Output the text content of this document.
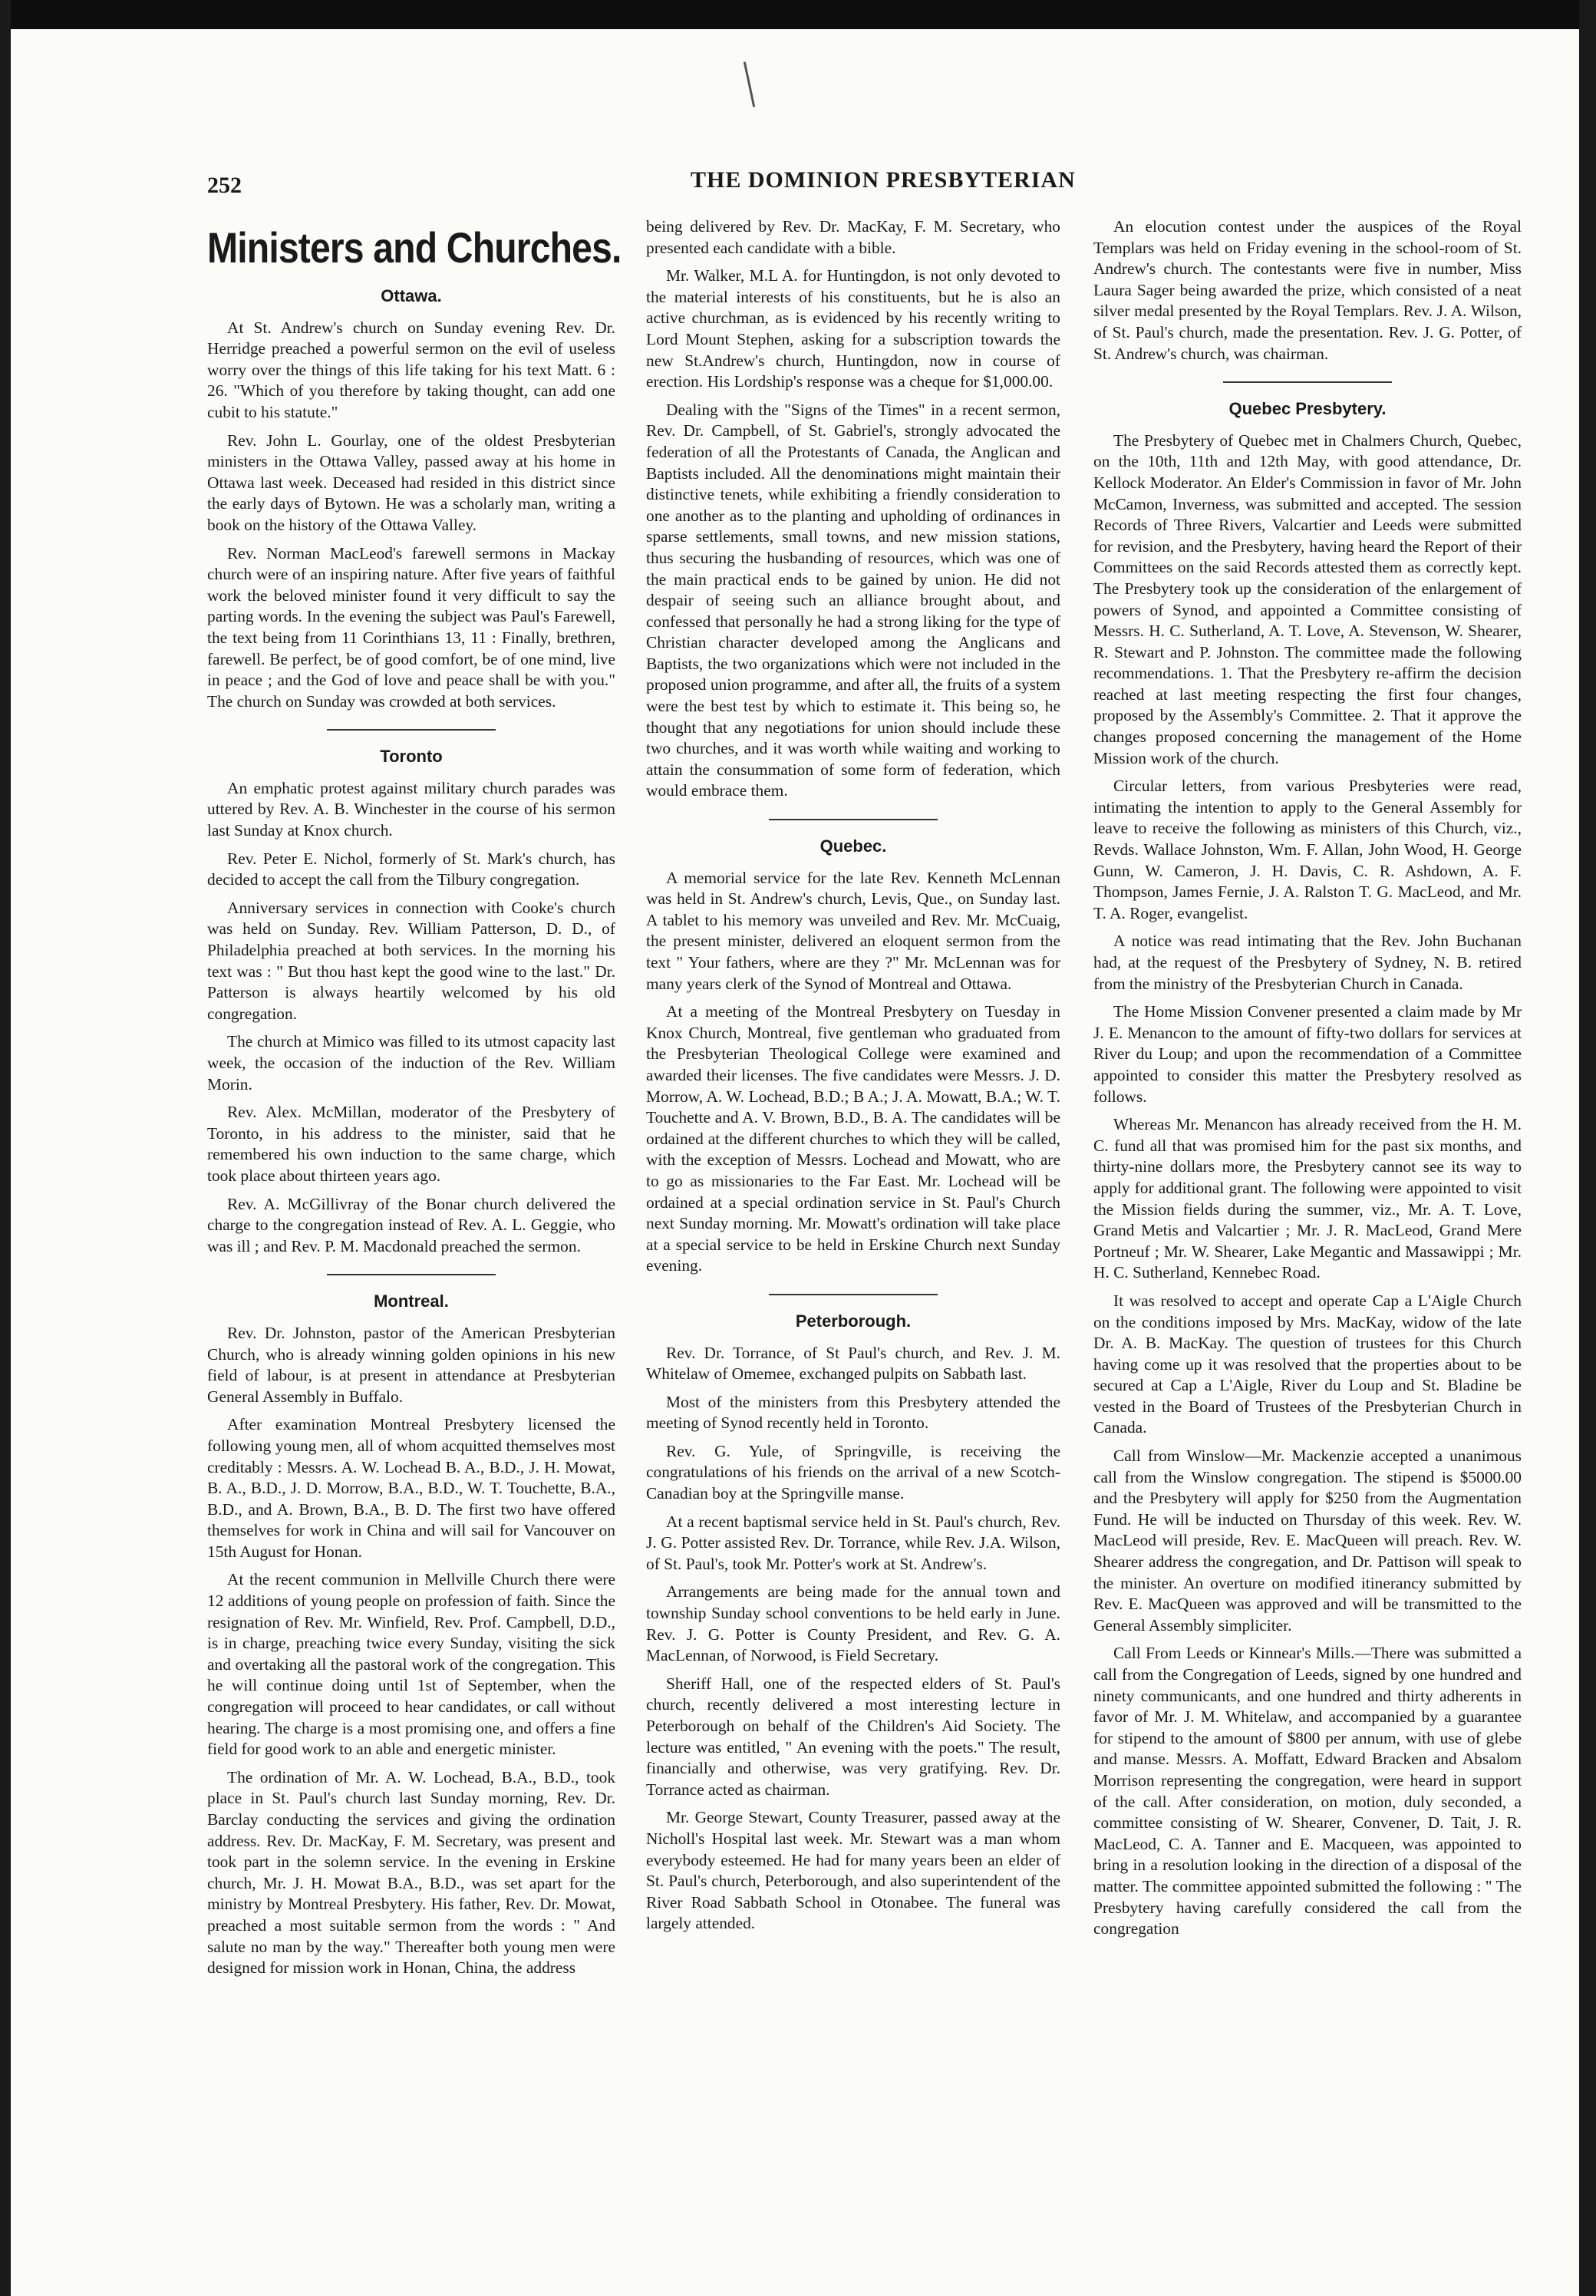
252	THE DOMINION PRESBYTERIAN
Ministers and Churches.
Ottawa.

At St. Andrew's church on Sunday evening Rev. Dr. Herridge preached a powerful sermon on the evil of useless worry over the things of this life taking for his text Matt. 6 : 26. "Which of you therefore by taking thought, can add one cubit to his statute."

Rev. John L. Gourlay, one of the oldest Presbyterian ministers in the Ottawa Valley, passed away at his home in Ottawa last week. Deceased had resided in this district since the early days of Bytown. He was a scholarly man, writing a book on the history of the Ottawa Valley.

Rev. Norman MacLeod's farewell sermons in Mackay church were of an inspiring nature. After five years of faithful work the beloved minister found it very difficult to say the parting words. In the evening the subject was Paul's Farewell, the text being from 11 Corinthians 13, 11 : Finally, brethren, farewell. Be perfect, be of good comfort, be of one mind, live in peace ; and the God of love and peace shall be with you." The church on Sunday was crowded at both services.

Toronto

An emphatic protest against military church parades was uttered by Rev. A. B. Winchester in the course of his sermon last Sunday at Knox church.

Rev. Peter E. Nichol, formerly of St. Mark's church, has decided to accept the call from the Tilbury congregation.

Anniversary services in connection with Cooke's church was held on Sunday. Rev. William Patterson, D. D., of Philadelphia preached at both services. In the morning his text was : " But thou hast kept the good wine to the last." Dr. Patterson is always heartily welcomed by his old congregation.

The church at Mimico was filled to its utmost capacity last week, the occasion of the induction of the Rev. William Morin.

Rev. Alex. McMillan, moderator of the Presbytery of Toronto, in his address to the minister, said that he remembered his own induction to the same charge, which took place about thirteen years ago.

Rev. A. McGillivray of the Bonar church delivered the charge to the congregation instead of Rev. A. L. Geggie, who was ill ; and Rev. P. M. Macdonald preached the sermon.

Montreal.

Rev. Dr. Johnston, pastor of the American Presbyterian Church, who is already winning golden opinions in his new field of labour, is at present in attendance at Presbyterian General Assembly in Buffalo.

After examination Montreal Presbytery licensed the following young men, all of whom acquitted themselves most creditably : Messrs. A. W. Lochead B. A., B.D., J. H. Mowat, B. A., B.D., J. D. Morrow, B.A., B.D., W. T. Touchette, B.A., B.D., and A. Brown, B.A., B. D. The first two have offered themselves for work in China and will sail for Vancouver on 15th August for Honan.

At the recent communion in Mellville Church there were 12 additions of young people on profession of faith. Since the resignation of Rev. Mr. Winfield, Rev. Prof. Campbell, D.D., is in charge, preaching twice every Sunday, visiting the sick and overtaking all the pastoral work of the congregation. This he will continue doing until 1st of September, when the congregation will proceed to hear candidates, or call without hearing. The charge is a most promising one, and offers a fine field for good work to an able and energetic minister.

The ordination of Mr. A. W. Lochead, B.A., B.D., took place in St. Paul's church last Sunday morning, Rev. Dr. Barclay conducting the services and giving the ordination address. Rev. Dr. MacKay, F. M. Secretary, was present and took part in the solemn service. In the evening in Erskine church, Mr. J. H. Mowat B.A., B.D., was set apart for the ministry by Montreal Presbytery. His father, Rev. Dr. Mowat, preached a most suitable sermon from the words : " And salute no man by the way." Thereafter both young men were designed for mission work in Honan, China, the address

being delivered by Rev. Dr. MacKay, F. M. Secretary, who presented each candidate with a bible.

Mr. Walker, M.L A. for Huntingdon, is not only devoted to the material interests of his constituents, but he is also an active churchman, as is evidenced by his recently writing to Lord Mount Stephen, asking for a subscription towards the new St.Andrew's church, Huntingdon, now in course of erection. His Lordship's response was a cheque for $1,000.00.

Dealing with the "Signs of the Times" in a recent sermon, Rev. Dr. Campbell, of St. Gabriel's, strongly advocated the federation of all the Protestants of Canada, the Anglican and Baptists included. All the denominations might maintain their distinctive tenets, while exhibiting a friendly consideration to one another as to the planting and upholding of ordinances in sparse settlements, small towns, and new mission stations, thus securing the husbanding of resources, which was one of the main practical ends to be gained by union. He did not despair of seeing such an alliance brought about, and confessed that personally he had a strong liking for the type of Christian character developed among the Anglicans and Baptists, the two organizations which were not included in the proposed union programme, and after all, the fruits of a system were the best test by which to estimate it. This being so, he thought that any negotiations for union should include these two churches, and it was worth while waiting and working to attain the consummation of some form of federation, which would embrace them.

Quebec.

A memorial service for the late Rev. Kenneth McLennan was held in St. Andrew's church, Levis, Que., on Sunday last. A tablet to his memory was unveiled and Rev. Mr. McCuaig, the present minister, delivered an eloquent sermon from the text " Your fathers, where are they ?" Mr. McLennan was for many years clerk of the Synod of Montreal and Ottawa.

At a meeting of the Montreal Presbytery on Tuesday in Knox Church, Montreal, five gentleman who graduated from the Presbyterian Theological College were examined and awarded their licenses. The five candidates were Messrs. J. D. Morrow, A. W. Lochead, B.D.; B A.; J. A. Mowatt, B.A.; W. T. Touchette and A. V. Brown, B.D., B. A. The candidates will be ordained at the different churches to which they will be called, with the exception of Messrs. Lochead and Mowatt, who are to go as missionaries to the Far East. Mr. Lochead will be ordained at a special ordination service in St. Paul's Church next Sunday morning. Mr. Mowatt's ordination will take place at a special service to be held in Erskine Church next Sunday evening.

Peterborough.

Rev. Dr. Torrance, of St Paul's church, and Rev. J. M. Whitelaw of Omemee, exchanged pulpits on Sabbath last.

Most of the ministers from this Presbytery attended the meeting of Synod recently held in Toronto.

Rev. G. Yule, of Springville, is receiving the congratulations of his friends on the arrival of a new Scotch-Canadian boy at the Springville manse.

At a recent baptismal service held in St. Paul's church, Rev. J. G. Potter assisted Rev. Dr. Torrance, while Rev. J.A. Wilson, of St. Paul's, took Mr. Potter's work at St. Andrew's.

Arrangements are being made for the annual town and township Sunday school conventions to be held early in June. Rev. J. G. Potter is County President, and Rev. G. A. MacLennan, of Norwood, is Field Secretary.

Sheriff Hall, one of the respected elders of St. Paul's church, recently delivered a most interesting lecture in Peterborough on behalf of the Children's Aid Society. The lecture was entitled, " An evening with the poets." The result, financially and otherwise, was very gratifying. Rev. Dr. Torrance acted as chairman.

Mr. George Stewart, County Treasurer, passed away at the Nicholl's Hospital last week. Mr. Stewart was a man whom everybody esteemed. He had for many years been an elder of St. Paul's church, Peterborough, and also superintendent of the River Road Sabbath School in Otonabee. The funeral was largely attended.

An elocution contest under the auspices of the Royal Templars was held on Friday evening in the school-room of St. Andrew's church. The contestants were five in number, Miss Laura Sager being awarded the prize, which consisted of a neat silver medal presented by the Royal Templars. Rev. J. A. Wilson, of St. Paul's church, made the presentation. Rev. J. G. Potter, of St. Andrew's church, was chairman.

Quebec Presbytery.

The Presbytery of Quebec met in Chalmers Church, Quebec, on the 10th, 11th and 12th May, with good attendance, Dr. Kellock Moderator. An Elder's Commission in favor of Mr. John McCamon, Inverness, was submitted and accepted. The session Records of Three Rivers, Valcartier and Leeds were submitted for revision, and the Presbytery, having heard the Report of their Committees on the said Records attested them as correctly kept. The Presbytery took up the consideration of the enlargement of powers of Synod, and appointed a Committee consisting of Messrs. H. C. Sutherland, A. T. Love, A. Stevenson, W. Shearer, R. Stewart and P. Johnston. The committee made the following recommendations. 1. That the Presbytery re-affirm the decision reached at last meeting respecting the first four changes, proposed by the Assembly's Committee. 2. That it approve the changes proposed concerning the management of the Home Mission work of the church.

Circular letters, from various Presbyteries were read, intimating the intention to apply to the General Assembly for leave to receive the following as ministers of this Church, viz., Revds. Wallace Johnston, Wm. F. Allan, John Wood, H. George Gunn, W. Cameron, J. H. Davis, C. R. Ashdown, A. F. Thompson, James Fernie, J. A. Ralston T. G. MacLeod, and Mr. T. A. Roger, evangelist.

A notice was read intimating that the Rev. John Buchanan had, at the request of the Presbytery of Sydney, N. B. retired from the ministry of the Presbyterian Church in Canada.

The Home Mission Convener presented a claim made by Mr J. E. Menancon to the amount of fifty-two dollars for services at River du Loup; and upon the recommendation of a Committee appointed to consider this matter the Presbytery resolved as follows.

Whereas Mr. Menancon has already received from the H. M. C. fund all that was promised him for the past six months, and thirty-nine dollars more, the Presbytery cannot see its way to apply for additional grant. The following were appointed to visit the Mission fields during the summer, viz., Mr. A. T. Love, Grand Metis and Valcartier ; Mr. J. R. MacLeod, Grand Mere Portneuf ; Mr. W. Shearer, Lake Megantic and Massawippi ; Mr. H. C. Sutherland, Kennebec Road.

It was resolved to accept and operate Cap a L'Aigle Church on the conditions imposed by Mrs. MacKay, widow of the late Dr. A. B. MacKay. The question of trustees for this Church having come up it was resolved that the properties about to be secured at Cap a L'Aigle, River du Loup and St. Bladine be vested in the Board of Trustees of the Presbyterian Church in Canada.

Call from Winslow—Mr. Mackenzie accepted a unanimous call from the Winslow congregation. The stipend is $5000.00 and the Presbytery will apply for $250 from the Augmentation Fund. He will be inducted on Thursday of this week. Rev. W. MacLeod will preside, Rev. E. MacQueen will preach. Rev. W. Shearer address the congregation, and Dr. Pattison will speak to the minister. An overture on modified itinerancy submitted by Rev. E. MacQueen was approved and will be transmitted to the General Assembly simpliciter.

Call From Leeds or Kinnear's Mills.—There was submitted a call from the Congregation of Leeds, signed by one hundred and ninety communicants, and one hundred and thirty adherents in favor of Mr. J. M. Whitelaw, and accompanied by a guarantee for stipend to the amount of $800 per annum, with use of glebe and manse. Messrs. A. Moffatt, Edward Bracken and Absalom Morrison representing the congregation, were heard in support of the call. After consideration, on motion, duly seconded, a committee consisting of W. Shearer, Convener, D. Tait, J. R. MacLeod, C. A. Tanner and E. Macqueen, was appointed to bring in a resolution looking in the direction of a disposal of the matter. The committee appointed submitted the following : " The Presbytery having carefully considered the call from the congregation
